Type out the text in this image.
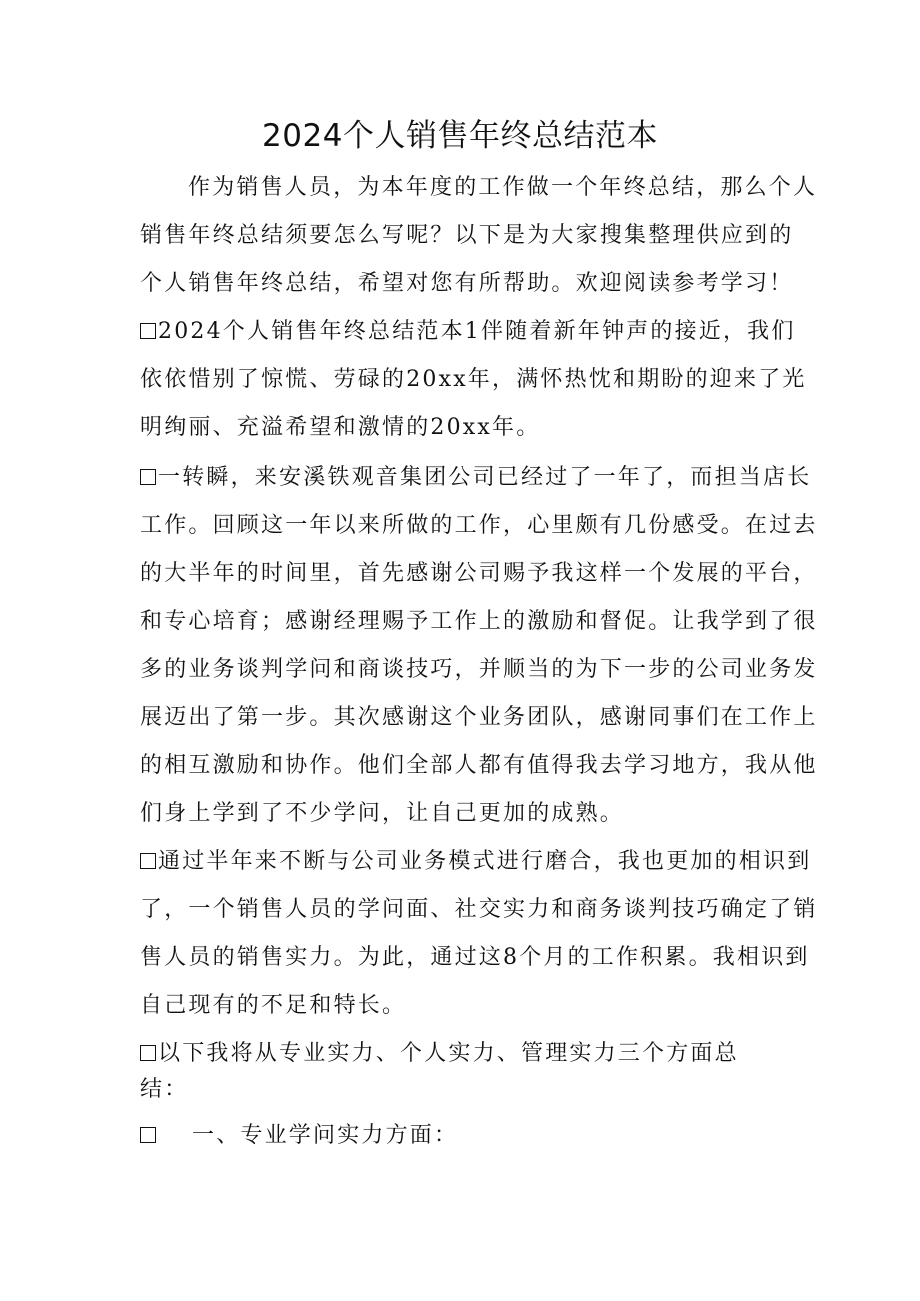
2024个人销售年终总结范本
作为销售人员，为本年度的工作做一个年终总结，那么个人
销售年终总结须要怎么写呢？以下是为大家搜集整理供应到的
个人销售年终总结，希望对您有所帮助。欢迎阅读参考学习！
2024个人销售年终总结范本1伴随着新年钟声的接近，我们
依依惜别了惊慌、劳碌的20xx年，满怀热忱和期盼的迎来了光
明绚丽、充溢希望和激情的20xx年。
一转瞬，来安溪铁观音集团公司已经过了一年了，而担当店长
工作。回顾这一年以来所做的工作，心里颇有几份感受。在过去
的大半年的时间里，首先感谢公司赐予我这样一个发展的平台，
和专心培育；感谢经理赐予工作上的激励和督促。让我学到了很
多的业务谈判学问和商谈技巧，并顺当的为下一步的公司业务发
展迈出了第一步。其次感谢这个业务团队，感谢同事们在工作上
的相互激励和协作。他们全部人都有值得我去学习地方，我从他
们身上学到了不少学问，让自己更加的成熟。
通过半年来不断与公司业务模式进行磨合，我也更加的相识到
了，一个销售人员的学问面、社交实力和商务谈判技巧确定了销
售人员的销售实力。为此，通过这8个月的工作积累。我相识到
自己现有的不足和特长。
以下我将从专业实力、个人实力、管理实力三个方面总
结：
一、专业学问实力方面：
